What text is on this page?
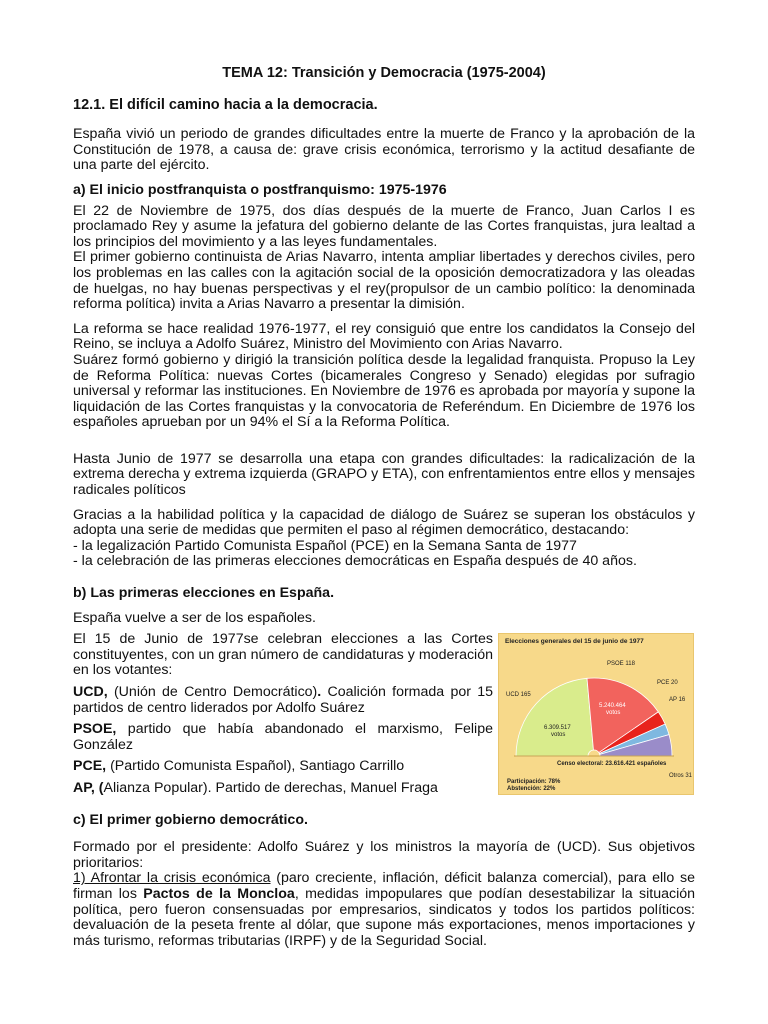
TEMA 12: Transición y Democracia (1975-2004)
12.1. El difícil camino hacia a la democracia.

España vivió un periodo de grandes dificultades entre la muerte de Franco y la aprobación de la Constitución de 1978, a causa de: grave crisis económica, terrorismo y la actitud desafiante de una parte del ejército.

a) El inicio postfranquista o postfranquismo: 1975-1976

El 22 de Noviembre de 1975, dos días después de la muerte de Franco, Juan Carlos I es proclamado Rey y asume la jefatura del gobierno delante de las Cortes franquistas, jura lealtad a los principios del movimiento y a las leyes fundamentales.

El primer gobierno continuista de Arias Navarro, intenta ampliar libertades y derechos civiles, pero los problemas en las calles con la agitación social de la oposición democratizadora y las oleadas de huelgas, no hay buenas perspectivas y el rey(propulsor de un cambio político: la denominada reforma política) invita a Arias Navarro a presentar la dimisión.

La reforma se hace realidad 1976-1977, el rey consiguió que entre los candidatos la Consejo del Reino, se incluya a Adolfo Suárez, Ministro del Movimiento con Arias Navarro.

Suárez formó gobierno y dirigió la transición política desde la legalidad franquista. Propuso la Ley de Reforma Política: nuevas Cortes (bicamerales Congreso y Senado) elegidas por sufragio universal y reformar las instituciones. En Noviembre de 1976 es aprobada por mayoría y supone la liquidación de las Cortes franquistas y la convocatoria de Referéndum. En Diciembre de 1976 los españoles aprueban por un 94% el Sí a la Reforma Política.

Hasta Junio de 1977 se desarrolla una etapa con grandes dificultades: la radicalización de la extrema derecha y extrema izquierda (GRAPO y ETA), con enfrentamientos entre ellos y mensajes radicales políticos

Gracias a la habilidad política y la capacidad de diálogo de Suárez se superan los obstáculos y adopta una serie de medidas que permiten el paso al régimen democrático, destacando:

- la legalización Partido Comunista Español (PCE) en la Semana Santa de 1977
- la celebración de las primeras elecciones democráticas en España después de 40 años.
b) Las primeras elecciones en España.

España vuelve a ser de los españoles.

El 15 de Junio de 1977se celebran elecciones a las Cortes constituyentes, con un gran número de candidaturas y moderación en los votantes:

UCD, (Unión de Centro Democrático). Coalición formada por 15 partidos de centro liderados por Adolfo Suárez

PSOE, partido que había abandonado el marxismo, Felipe González

PCE, (Partido Comunista Español), Santiago Carrillo

AP, (Alianza Popular). Partido de derechas, Manuel Fraga

Elecciones generales del 15 de junio de 1977
UCD 165
PSOE 118
PCE 20
AP 16
Otros 31
6.309.517
votos
5.240.464
votos
Censo electoral: 23.616.421 españoles
Participación: 78%
Abstención: 22%
c) El primer gobierno democrático.

Formado por el presidente: Adolfo Suárez y los ministros la mayoría de (UCD). Sus objetivos prioritarios:

1) Afrontar la crisis económica (paro creciente, inflación, déficit balanza comercial), para ello se firman los Pactos de la Moncloa, medidas impopulares que podían desestabilizar la situación política, pero fueron consensuadas por empresarios, sindicatos y todos los partidos políticos: devaluación de la peseta frente al dólar, que supone más exportaciones, menos importaciones y más turismo, reformas tributarias (IRPF) y de la Seguridad Social.
